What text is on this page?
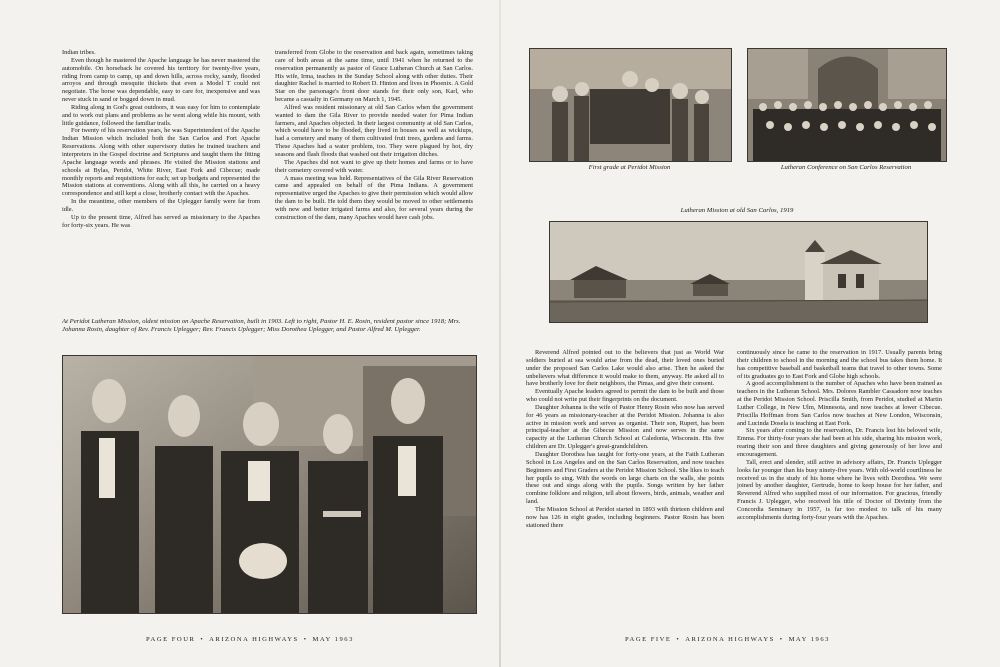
Indian tribes.

Even though he mastered the Apache language he has never mastered the automobile. On horseback he covered his territory for twenty-five years, riding from camp to camp, up and down hills, across rocky, sandy, flooded arroyos and through mesquite thickets that even a Model T could not negotiate. The horse was dependable, easy to care for, inexpensive and was never stuck in sand or bogged down in mud.

Riding along in God's great outdoors, it was easy for him to contemplate and to work out plans and problems as he went along while his mount, with little guidance, followed the familiar trails.

For twenty of his reservation years, he was Superintendent of the Apache Indian Mission which included both the San Carlos and Fort Apache Reservations. Along with other supervisory duties he trained teachers and interpreters in the Gospel doctrine and Scriptures and taught them the fitting Apache language words and phrases. He visited the Mission stations and schools at Bylas, Peridot, White River, East Fork and Cibecue; made monthly reports and requisitions for each; set up budgets and represented the Mission stations at conventions. Along with all this, he carried on a heavy correspondence and still kept a close, brotherly contact with the Apaches.

In the meantime, other members of the Uplegger family were far from idle.

Up to the present time, Alfred has served as missionary to the Apaches for forty-six years. He was

transferred from Globe to the reservation and back again, sometimes taking care of both areas at the same time, until 1941 when he returned to the reservation permanently as pastor of Grace Lutheran Church at San Carlos. His wife, Irma, teaches in the Sunday School along with other duties. Their daughter Rachel is married to Robert D. Hinton and lives in Phoenix. A Gold Star on the parsonage's front door stands for their only son, Karl, who became a casualty in Germany on March 1, 1945.

Alfred was resident missionary at old San Carlos when the government wanted to dam the Gila River to provide needed water for Pima Indian farmers, and Apaches objected. In their largest community at old San Carlos, which would have to be flooded, they lived in houses as well as wickiups, had a cemetery and many of them cultivated fruit trees, gardens and farms. These Apaches had a water problem, too. They were plagued by hot, dry seasons and flash floods that washed out their irrigation ditches.

The Apaches did not want to give up their homes and farms or to have their cemetery covered with water.

A mass meeting was held. Representatives of the Gila River Reservation came and appealed on behalf of the Pima Indians. A government representative urged the Apaches to give their permission which would allow the dam to be built. He told them they would be moved to other settlements with new and better irrigated farms and also, for several years during the construction of the dam, many Apaches would have cash jobs.

At Peridot Lutheran Mission, oldest mission on Apache Reservation, built in 1903. Left to right, Pastor H. E. Rosin, resident pastor since 1918; Mrs. Johanna Rosin, daughter of Rev. Francis Uplegger; Rev. Francis Uplegger; Miss Dorothea Uplegger, and Pastor Alfred M. Uplegger.
PAGE FOUR • ARIZONA HIGHWAYS • MAY 1963
First grade at Peridot Mission	Lutheran Conference on San Carlos Reservation
Lutheran Mission at old San Carlos, 1919

Reverend Alfred pointed out to the believers that just as World War soldiers buried at sea would arise from the dead, their loved ones buried under the proposed San Carlos Lake would also arise. Then he asked the unbelievers what difference it would make to them, anyway. He asked all to have brotherly love for their neighbors, the Pimas, and give their consent.

Eventually Apache leaders agreed to permit the dam to be built and those who could not write put their fingerprints on the document.

Daughter Johanna is the wife of Pastor Henry Rosin who now has served for 46 years as missionary-teacher at the Peridot Mission. Johanna is also active in mission work and serves as organist. Their son, Rupert, has been principal-teacher at the Gibecue Mission and now serves in the same capacity at the Lutheran Church School at Caledonia, Wisconsin. His five children are Dr. Uplegger's great-grandchildren.

Daughter Dorothea has taught for forty-one years, at the Faith Lutheran School in Los Angeles and on the San Carlos Reservation, and now teaches Beginners and First Graders at the Peridot Mission School. She likes to teach her pupils to sing. With the words on large charts on the walls, she points these out and sings along with the pupils. Songs written by her father combine folklore and religion, tell about flowers, birds, animals, weather and land.

The Mission School at Peridot started in 1893 with thirteen children and now has 126 in eight grades, including beginners. Pastor Rosin has been stationed there

continuously since he came to the reservation in 1917. Usually parents bring their children to school in the morning and the school bus takes them home. It has competitive baseball and basketball teams that travel to other towns. Some of its graduates go to East Fork and Globe high schools.

A good accomplishment is the number of Apaches who have been trained as teachers in the Lutheran School. Mrs. Dolores Rambler Cassadore now teaches at the Peridot Mission School. Priscilla Smith, from Peridot, studied at Martin Luther College, in New Ulm, Minnesota, and now teaches at lower Cibecue. Priscilla Hoffman from San Carlos now teaches at New London, Wisconsin, and Lucinda Dosela is teaching at East Fork.

Six years after coming to the reservation, Dr. Francis lost his beloved wife, Emma. For thirty-four years she had been at his side, sharing his mission work, rearing their son and three daughters and giving generously of her love and encouragement.

Tall, erect and slender, still active in advisory affairs, Dr. Francis Uplegger looks far younger than his busy ninety-five years. With old-world courtliness he received us in the study of his home where he lives with Dorothea. We were joined by another daughter, Gertrude, home to keep house for her father, and Reverend Alfred who supplied most of our information. For gracious, friendly Francis J. Uplegger, who received his title of Doctor of Divinity from the Concordia Seminary in 1957, is far too modest to talk of his many accomplishments during forty-four years with the Apaches.

PAGE FIVE • ARIZONA HIGHWAYS • MAY 1963
